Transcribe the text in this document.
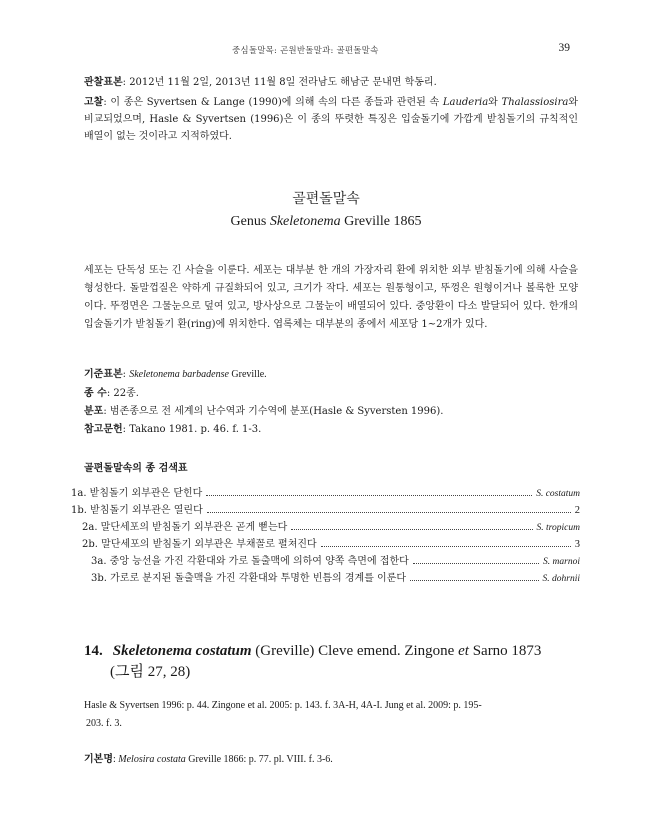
중심돌말목: 곤원반돌말과: 골편돌말속	39

관찰표본: 2012년 11월 2일, 2013년 11월 8일 전라남도 해남군 문내면 학동리.

고찰: 이 종은 Syvertsen & Lange (1990)에 의해 속의 다른 종들과 관련된 속 Lauderia와 Thalassiosira와 비교되었으며, Hasle & Syvertsen (1996)은 이 종의 뚜렷한 특징은 입술돌기에 가깝게 받침돌기의 규칙적인 배열이 없는 것이라고 지적하였다.

골편돌말속
Genus Skeletonema Greville 1865

세포는 단독성 또는 긴 사슬을 이룬다. 세포는 대부분 한 개의 가장자리 환에 위치한 외부 받침돌기에 의해 사슬을 형성한다. 돌말껍질은 약하게 규질화되어 있고, 크기가 작다. 세포는 원통형이고, 뚜껑은 원형이거나 볼록한 모양이다. 뚜껑면은 그물눈으로 덮여 있고, 방사상으로 그물눈이 배열되어 있다. 중앙환이 다소 발달되어 있다. 한개의 입술돌기가 받침돌기 환(ring)에 위치한다. 엽록체는 대부분의 종에서 세포당 1~2개가 있다.

기준표본: Skeletonema barbadense Greville.

종 수: 22종.

분포: 범존종으로 전 세계의 난수역과 기수역에 분포(Hasle & Syversten 1996).

참고문헌: Takano 1981. p. 46. f. 1-3.

골편돌말속의 종 검색표
1a. 받침돌기 외부관은 닫힌다	S. costatum
1b. 받침돌기 외부관은 열린다	2
2a. 말단세포의 받침돌기 외부관은 곧게 뻗는다	S. tropicum
2b. 말단세포의 받침돌기 외부관은 부채꼴로 펼쳐진다	3
3a. 중앙 능선을 가진 각환대와 가로 돌출맥에 의하여 양쪽 측면에 접한다	S. marnoi
3b. 가로로 분지된 돌출맥을 가진 각환대와 투명한 빈틈의 경계를 이룬다	S. dohrnii
14. Skeletonema costatum (Greville) Cleve emend. Zingone et Sarno 1873
(그림 27, 28)
Hasle & Syvertsen 1996: p. 44. Zingone et al. 2005: p. 143. f. 3A-H, 4A-I. Jung et al. 2009: p. 195-
203. f. 3.
기본명: Melosira costata Greville 1866: p. 77. pl. VIII. f. 3-6.
